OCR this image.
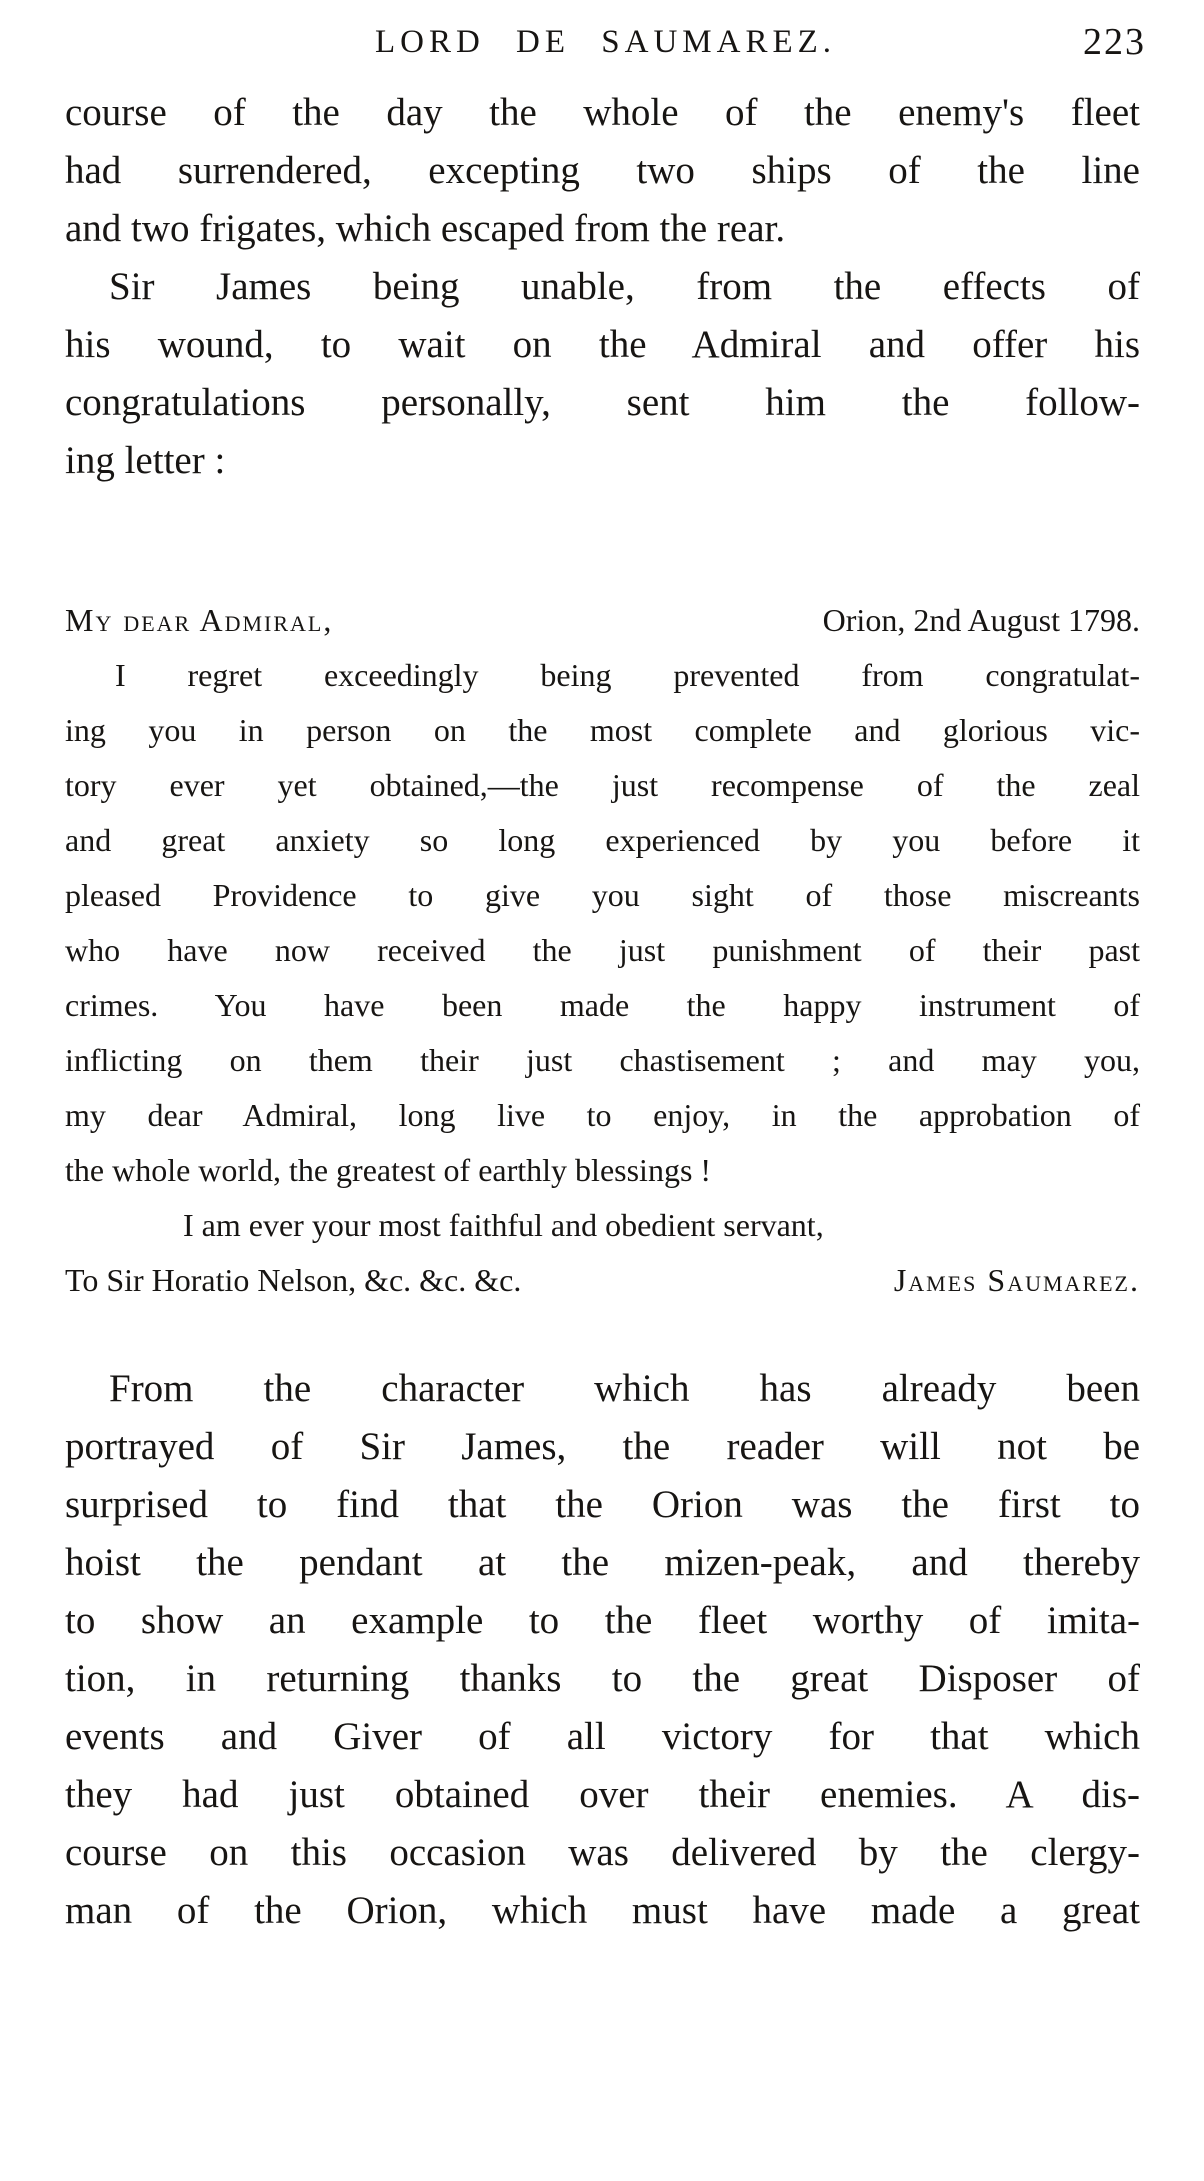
LORD DE SAUMAREZ.	223
course of the day the whole of the enemy's fleet
had surrendered, excepting two ships of the line
and two frigates, which escaped from the rear.
Sir James being unable, from the effects of
his wound, to wait on the Admiral and offer his
congratulations personally, sent him the follow-
ing letter :
My dear Admiral,	Orion, 2nd August 1798.
I regret exceedingly being prevented from congratulat-
ing you in person on the most complete and glorious vic-
tory ever yet obtained,—the just recompense of the zeal
and great anxiety so long experienced by you before it
pleased Providence to give you sight of those miscreants
who have now received the just punishment of their past
crimes. You have been made the happy instrument of
inflicting on them their just chastisement ; and may you,
my dear Admiral, long live to enjoy, in the approbation of
the whole world, the greatest of earthly blessings !
I am ever your most faithful and obedient servant,
To Sir Horatio Nelson, &c. &c. &c.	James Saumarez.
From the character which has already been
portrayed of Sir James, the reader will not be
surprised to find that the Orion was the first to
hoist the pendant at the mizen-peak, and thereby
to show an example to the fleet worthy of imita-
tion, in returning thanks to the great Disposer of
events and Giver of all victory for that which
they had just obtained over their enemies. A dis-
course on this occasion was delivered by the clergy-
man of the Orion, which must have made a great
